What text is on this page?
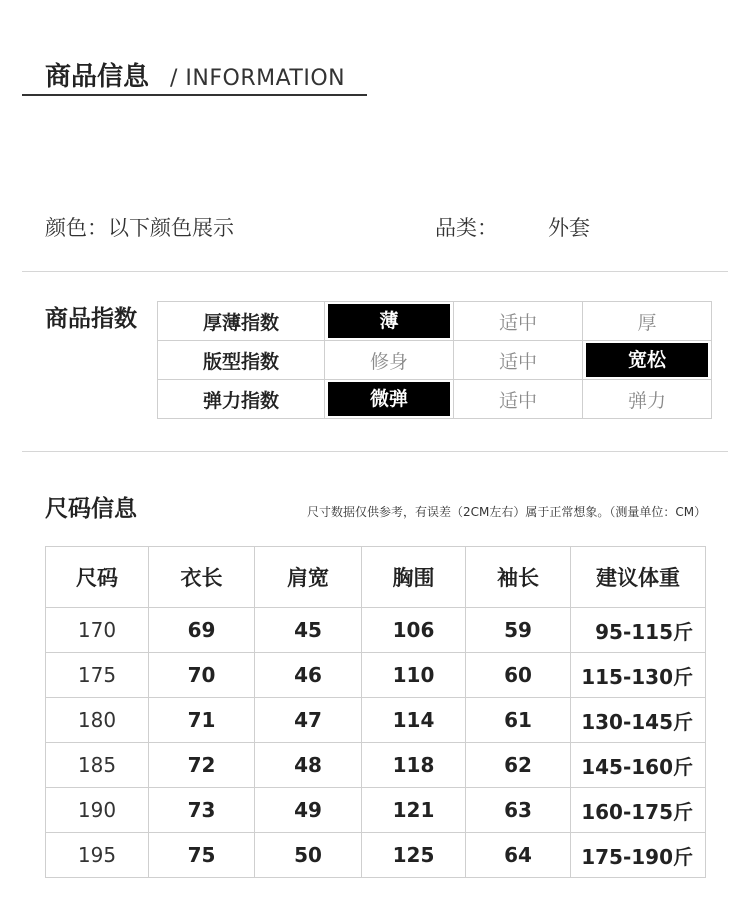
商品信息 / INFORMATION
颜色：以下颜色展示	品类： 外套
商品指数	厚薄指数	薄	适中	厚
版型指数	修身	适中	宽松
弹力指数	微弹	适中	弹力
尺码信息	尺寸数据仅供参考，有误差（2CM左右）属于正常想象。（测量单位：CM）
尺码	衣长	肩宽	胸围	袖长	建议体重
170	69	45	106	59	95-115斤
175	70	46	110	60	115-130斤
180	71	47	114	61	130-145斤
185	72	48	118	62	145-160斤
190	73	49	121	63	160-175斤
195	75	50	125	64	175-190斤
